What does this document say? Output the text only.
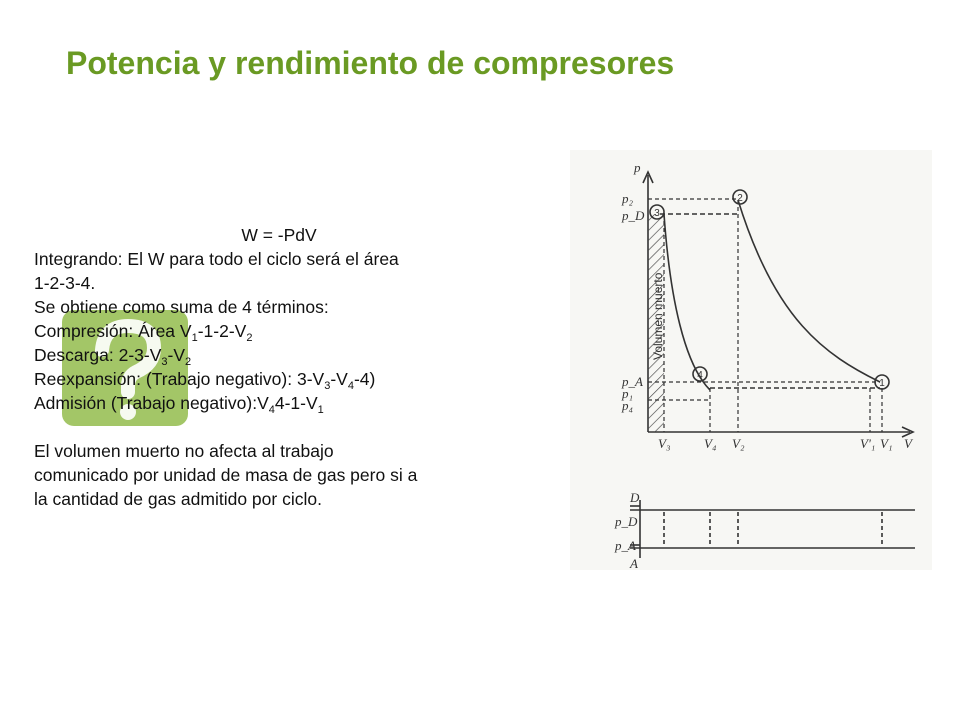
Potencia y rendimiento de compresores
W = -PdV
Integrando: El W para todo el ciclo será el área
1-2-3-4.
Se obtiene como suma de 4 términos:
Compresión: Área $V_1-1-2-V_2$
Descarga: $2-3-V_3-V_2$
Reexpansión: (Trabajo negativo): $3-V_3-V_4-4$)
Admisión (Trabajo $negativo):V_44-1-V_1$
El volumen muerto no afecta al trabajo
comunicado por unidad de masa de gas pero si a
la cantidad de gas admitido por ciclo.
p
V
p₂
p_D
p_A
p₁
p₄
V₃	V₄ V₂	V'₁ V₁
p_D
p_A
D
A
1
2
3
4
Volumen muerto
